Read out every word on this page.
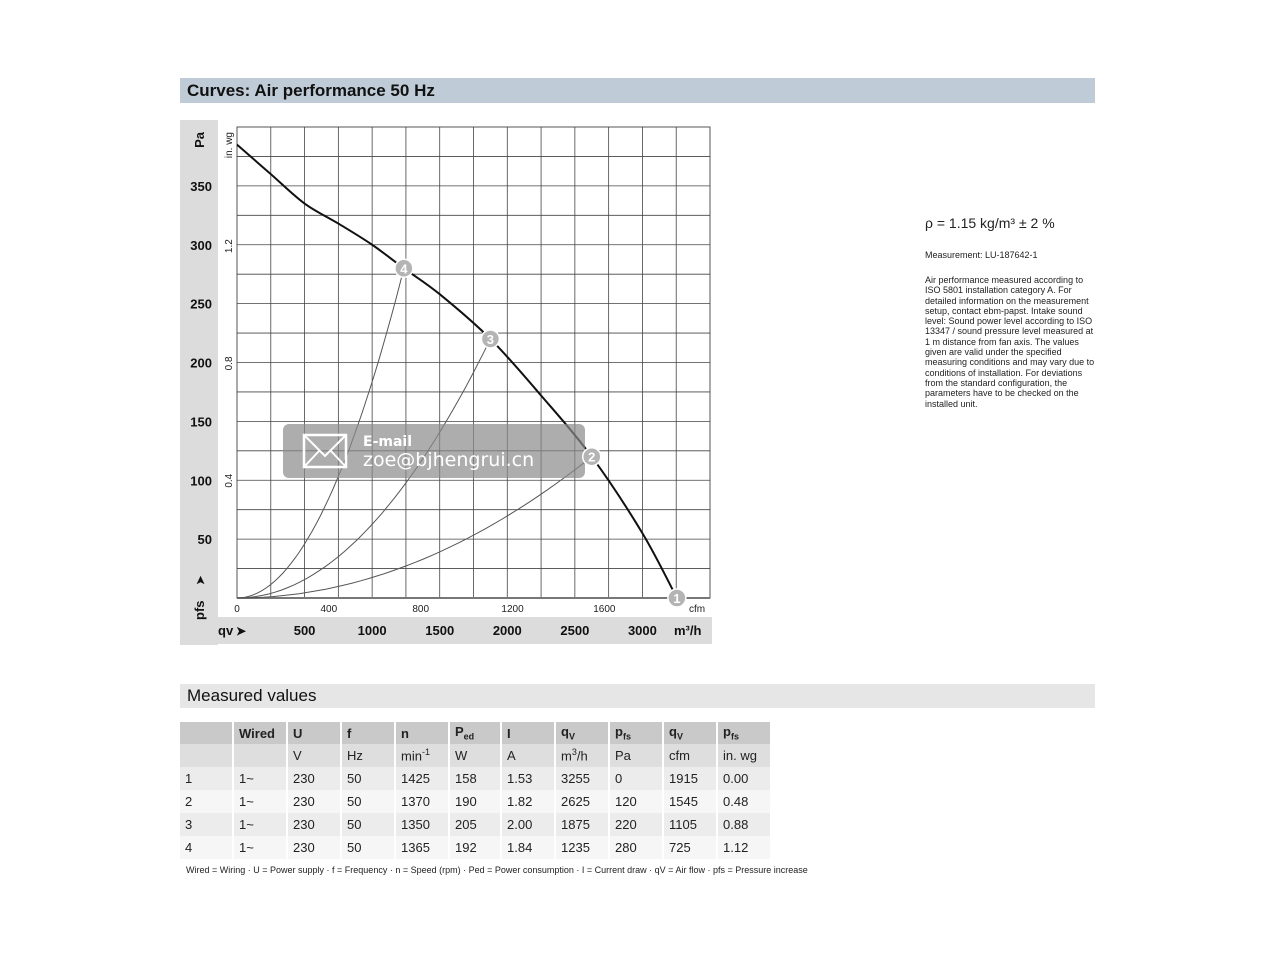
Curves: Air performance 50 Hz
50
100
150
200
250
300
350
500	1000	1500	2000	2500	3000
qv ➤	m³/h
0	400	800	1200	1600	cfm
0.4
0.8
1.2
in. wg
Pa
pfs
➤
E-mail
zoe@bjhengrui.cn
1
2
3
4
ρ = 1.15 kg/m³ ± 2 %
Measurement: LU-187642-1
Air performance measured according to ISO 5801 installation category A. For detailed information on the measurement setup, contact ebm-papst. Intake sound level: Sound power level according to ISO 13347 / sound pressure level measured at 1 m distance from fan axis. The values given are valid under the specified measuring conditions and may vary due to conditions of installation. For deviations from the standard configuration, the parameters have to be checked on the installed unit.
Measured values
	Wired	U	f	n	$P_{ed}$	I	$q_V$	$p_{fs}$	$q_V$	$p_{fs}$
		V	Hz	$\min^{-1}$	W	A	$m^3/h$	Pa	cfm	in. wg
1	1~	230	50	1425	158	1.53	3255	0	1915	0.00
2	1~	230	50	1370	190	1.82	2625	120	1545	0.48
3	1~	230	50	1350	205	2.00	1875	220	1105	0.88
4	1~	230	50	1365	192	1.84	1235	280	725	1.12
Wired = Wiring · U = Power supply · f = Frequency · n = Speed (rpm) · Ped = Power consumption · I = Current draw · qV = Air flow · pfs = Pressure increase
